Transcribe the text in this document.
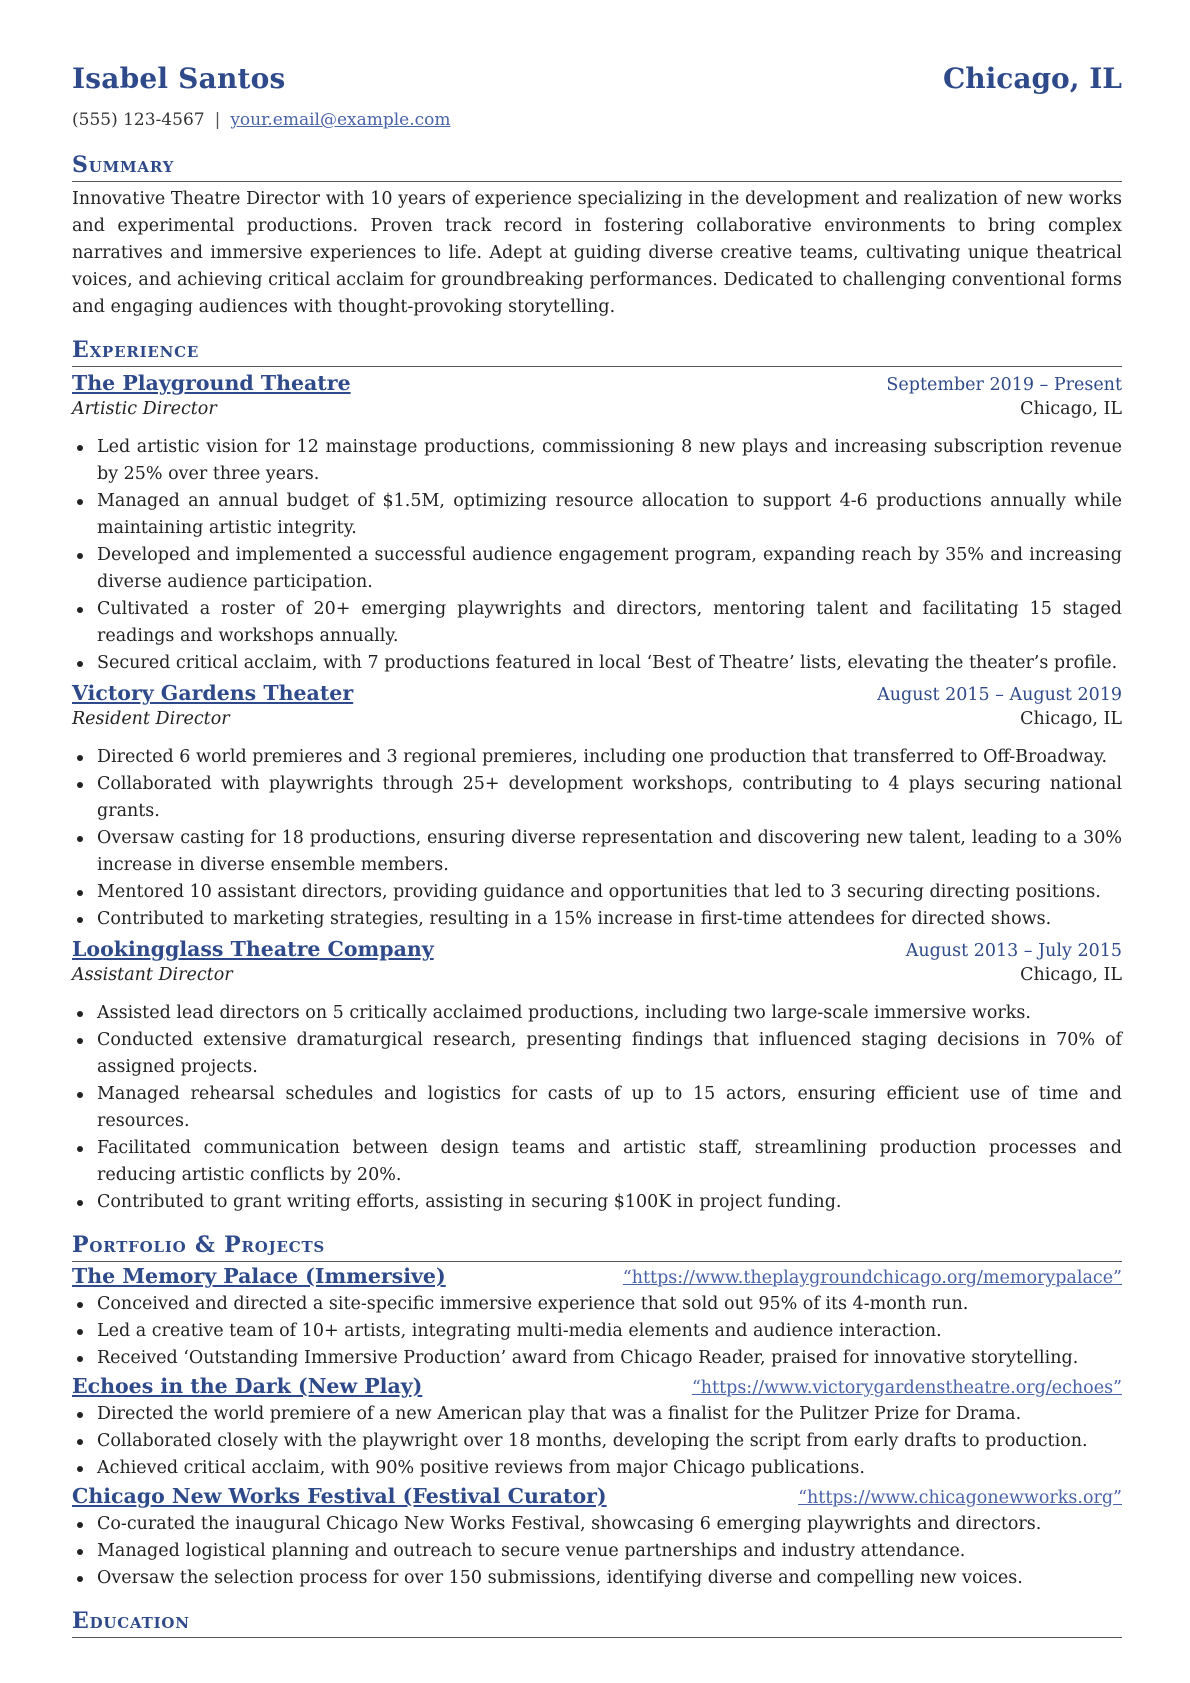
Isabel Santos	Chicago, IL
(555) 123-4567 | your.email@example.com
Summary
Innovative Theatre Director with 10 years of experience specializing in the development and realization of new works and experimental productions. Proven track record in fostering collaborative environments to bring complex narratives and immersive experiences to life. Adept at guiding diverse creative teams, cultivating unique theatrical voices, and achieving critical acclaim for groundbreaking performances. Dedicated to challenging conventional forms and engaging audiences with thought-provoking storytelling.
Experience
The Playground Theatre	September 2019 – Present
Artistic Director	Chicago, IL
Led artistic vision for 12 mainstage productions, commissioning 8 new plays and increasing subscription revenue by 25% over three years.
Managed an annual budget of $1.5M, optimizing resource allocation to support 4-6 productions annually while maintaining artistic integrity.
Developed and implemented a successful audience engagement program, expanding reach by 35% and increasing diverse audience participation.
Cultivated a roster of 20+ emerging playwrights and directors, mentoring talent and facilitating 15 staged readings and workshops annually.
Secured critical acclaim, with 7 productions featured in local ‘Best of Theatre’ lists, elevating the theater’s profile.
Victory Gardens Theater	August 2015 – August 2019
Resident Director	Chicago, IL
Directed 6 world premieres and 3 regional premieres, including one production that transferred to Off-Broadway.
Collaborated with playwrights through 25+ development workshops, contributing to 4 plays securing national grants.
Oversaw casting for 18 productions, ensuring diverse representation and discovering new talent, leading to a 30% increase in diverse ensemble members.
Mentored 10 assistant directors, providing guidance and opportunities that led to 3 securing directing positions.
Contributed to marketing strategies, resulting in a 15% increase in first-time attendees for directed shows.
Lookingglass Theatre Company	August 2013 – July 2015
Assistant Director	Chicago, IL
Assisted lead directors on 5 critically acclaimed productions, including two large-scale immersive works.
Conducted extensive dramaturgical research, presenting findings that influenced staging decisions in 70% of assigned projects.
Managed rehearsal schedules and logistics for casts of up to 15 actors, ensuring efficient use of time and resources.
Facilitated communication between design teams and artistic staff, streamlining production processes and reducing artistic conflicts by 20%.
Contributed to grant writing efforts, assisting in securing $100K in project funding.
Portfolio & Projects
The Memory Palace (Immersive)	“https://www.theplaygroundchicago.org/memorypalace”
Conceived and directed a site-specific immersive experience that sold out 95% of its 4-month run.
Led a creative team of 10+ artists, integrating multi-media elements and audience interaction.
Received ‘Outstanding Immersive Production’ award from Chicago Reader, praised for innovative storytelling.
Echoes in the Dark (New Play)	“https://www.victorygardenstheatre.org/echoes”
Directed the world premiere of a new American play that was a finalist for the Pulitzer Prize for Drama.
Collaborated closely with the playwright over 18 months, developing the script from early drafts to production.
Achieved critical acclaim, with 90% positive reviews from major Chicago publications.
Chicago New Works Festival (Festival Curator)	“https://www.chicagonewworks.org”
Co-curated the inaugural Chicago New Works Festival, showcasing 6 emerging playwrights and directors.
Managed logistical planning and outreach to secure venue partnerships and industry attendance.
Oversaw the selection process for over 150 submissions, identifying diverse and compelling new voices.
Education
